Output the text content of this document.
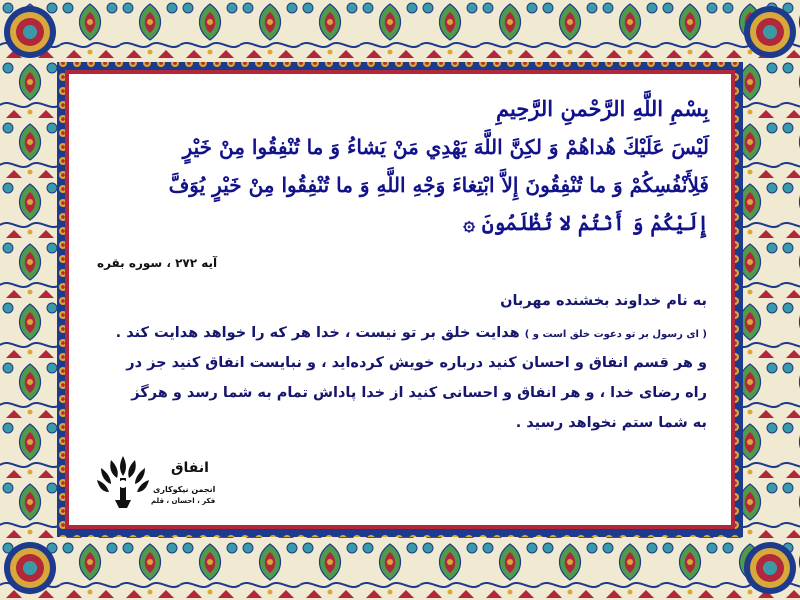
بِسْمِ اللَّهِ الرَّحْمنِ الرَّحِيمِ
لَيْسَ عَلَيْكَ هُداهُمْ وَ لكِنَّ اللَّهَ يَهْدِي مَنْ يَشاءُ وَ ما تُنْفِقُوا مِنْ خَيْرٍ
فَلِأَنْفُسِكُمْ وَ ما تُنْفِقُونَ إِلاَّ ابْتِغاءَ وَجْهِ اللَّهِ وَ ما تُنْفِقُوا مِنْ خَيْرٍ يُوَفَّ
إِلَيْكُمْ وَ أَنْتُمْ لا تُظْلَمُونَ ۞
آیه ۲۷۲ ، سوره بقره
به نام خداوند بخشنده مهربان
( ای رسول بر تو دعوت خلق است و ) هدایت خلق بر تو نیست ، خدا هر که را خواهد هدایت کند .
و هر قسم انفاق و احسان کنید درباره خویش کرده‌اید ، و نبایست انفاق کنید جز در
راه رضای خدا ، و هر انفاق و احسانی کنید از خدا پاداش تمام به شما رسد و هرگز
به شما ستم نخواهد رسید .
انفاق
انجمن نیکوکاری
فکر ، احسان ، قلم
